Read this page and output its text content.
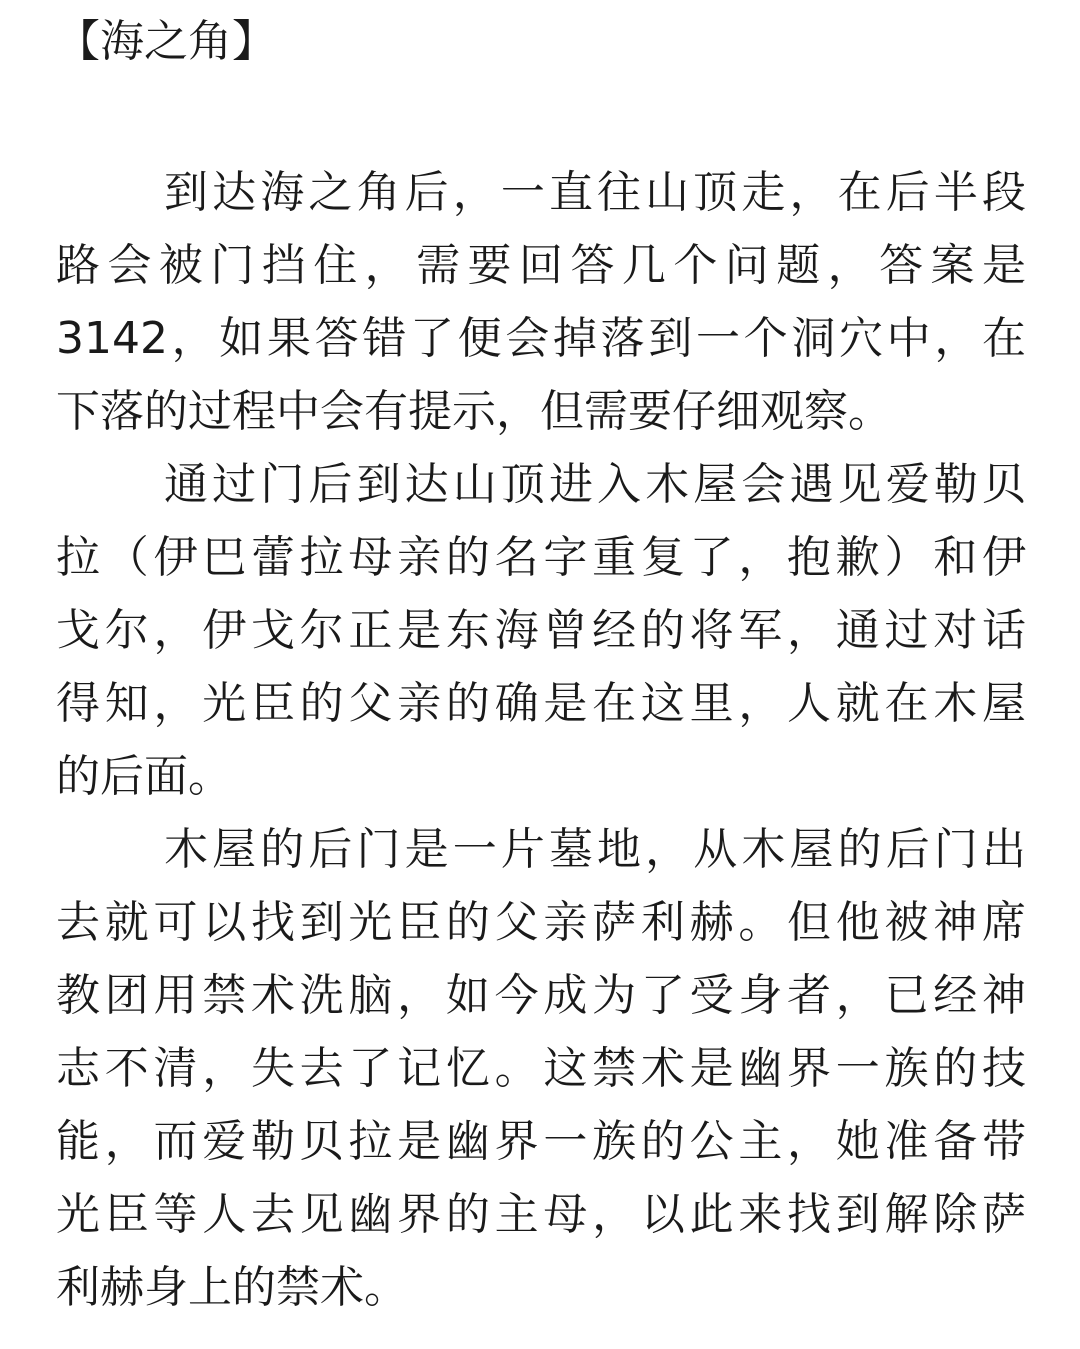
【海之角】
到达海之角后，一直往山顶走，在后半段
路会被门挡住，需要回答几个问题，答案是
3142，如果答错了便会掉落到一个洞穴中，在
下落的过程中会有提示，但需要仔细观察。
通过门后到达山顶进入木屋会遇见爱勒贝
拉（伊巴蕾拉母亲的名字重复了，抱歉）和伊
戈尔，伊戈尔正是东海曾经的将军，通过对话
得知，光臣的父亲的确是在这里，人就在木屋
的后面。
木屋的后门是一片墓地，从木屋的后门出
去就可以找到光臣的父亲萨利赫。但他被神席
教团用禁术洗脑，如今成为了受身者，已经神
志不清，失去了记忆。这禁术是幽界一族的技
能，而爱勒贝拉是幽界一族的公主，她准备带
光臣等人去见幽界的主母，以此来找到解除萨
利赫身上的禁术。
